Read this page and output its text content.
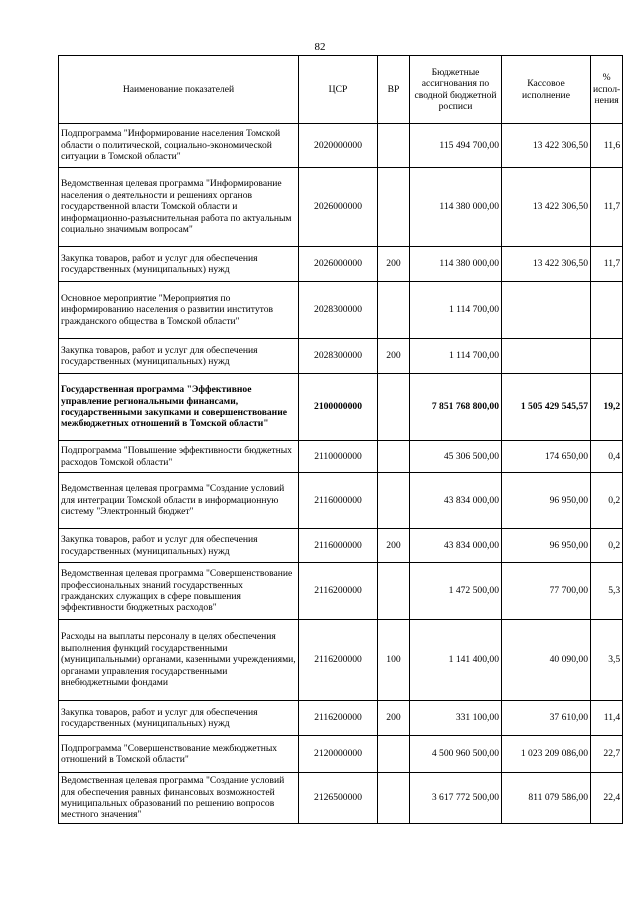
82
Наименование показателей	ЦСР	ВР	Бюджетные ассигнования по сводной бюджетной росписи	Кассовое исполнение	% испол-нения
Подпрограмма "Информирование населения Томской области о политической, социально-экономической ситуации в Томской области"	2020000000		115 494 700,00	13 422 306,50	11,6
Ведомственная целевая программа "Информирование населения о деятельности и решениях органов государственной власти Томской области и информационно-разъяснительная работа по актуальным социально значимым вопросам"	2026000000		114 380 000,00	13 422 306,50	11,7
Закупка товаров, работ и услуг для обеспечения государственных (муниципальных) нужд	2026000000	200	114 380 000,00	13 422 306,50	11,7
Основное мероприятие "Мероприятия по информированию населения о развитии институтов гражданского общества в Томской области"	2028300000		1 114 700,00		
Закупка товаров, работ и услуг для обеспечения государственных (муниципальных) нужд	2028300000	200	1 114 700,00		
Государственная программа "Эффективное управление региональными финансами, государственными закупками и совершенствование межбюджетных отношений в Томской области"	2100000000		7 851 768 800,00	1 505 429 545,57	19,2
Подпрограмма "Повышение эффективности бюджетных расходов Томской области"	2110000000		45 306 500,00	174 650,00	0,4
Ведомственная целевая программа "Создание условий для интеграции Томской области в информационную систему "Электронный бюджет"	2116000000		43 834 000,00	96 950,00	0,2
Закупка товаров, работ и услуг для обеспечения государственных (муниципальных) нужд	2116000000	200	43 834 000,00	96 950,00	0,2
Ведомственная целевая программа "Совершенствование профессиональных знаний государственных гражданских служащих в сфере повышения эффективности бюджетных расходов"	2116200000		1 472 500,00	77 700,00	5,3
Расходы на выплаты персоналу в целях обеспечения выполнения функций государственными (муниципальными) органами, казенными учреждениями, органами управления государственными внебюджетными фондами	2116200000	100	1 141 400,00	40 090,00	3,5
Закупка товаров, работ и услуг для обеспечения государственных (муниципальных) нужд	2116200000	200	331 100,00	37 610,00	11,4
Подпрограмма "Совершенствование межбюджетных отношений в Томской области"	2120000000		4 500 960 500,00	1 023 209 086,00	22,7
Ведомственная целевая программа "Создание условий для обеспечения равных финансовых возможностей муниципальных образований по решению вопросов местного значения"	2126500000		3 617 772 500,00	811 079 586,00	22,4
